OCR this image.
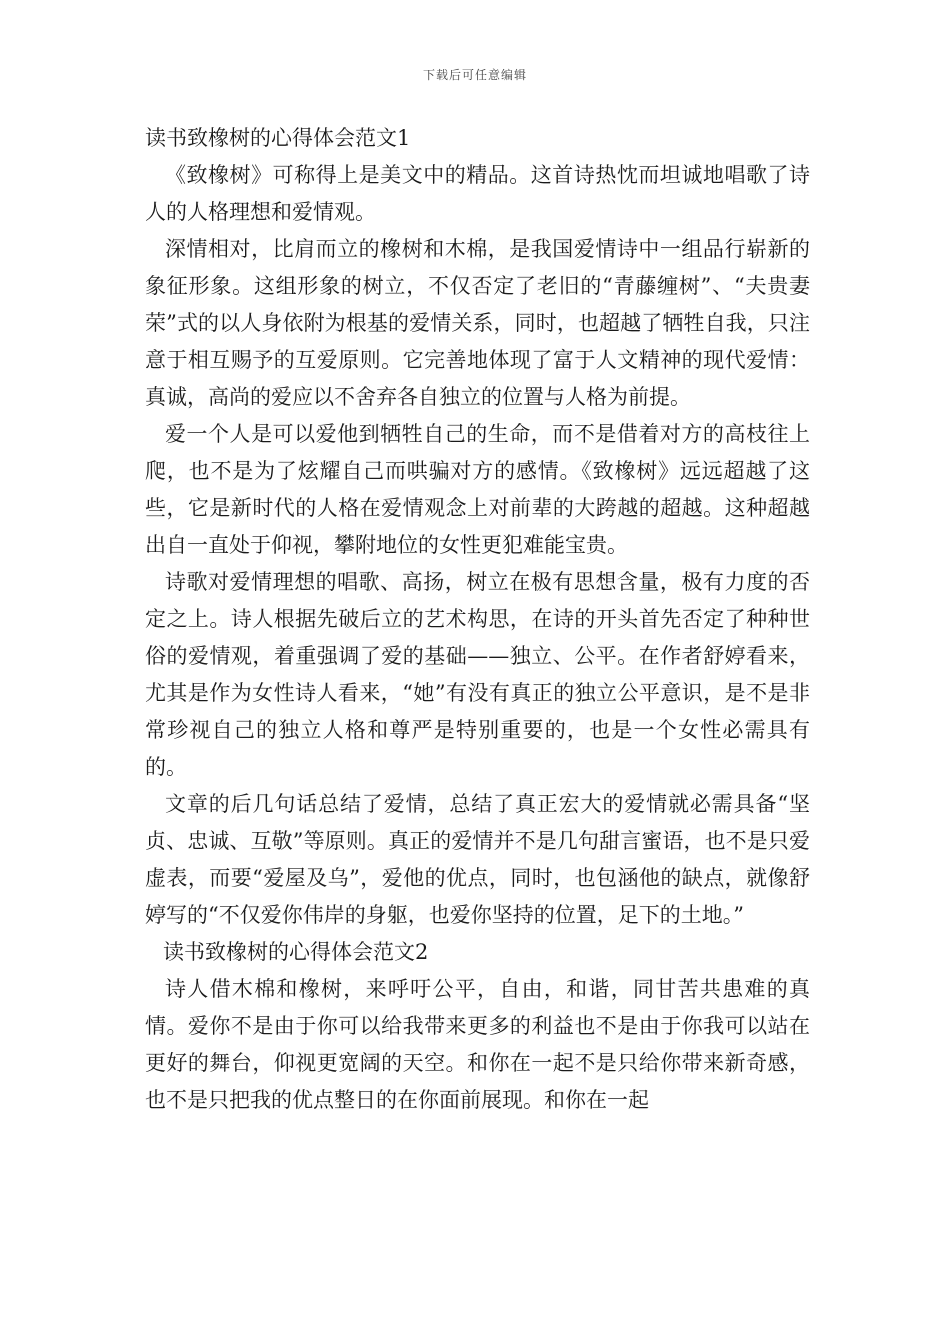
下载后可任意编辑

读书致橡树的心得体会范文1

《致橡树》可称得上是美文中的精品。这首诗热忱而坦诚地唱歌了诗人的人格理想和爱情观。

深情相对，比肩而立的橡树和木棉，是我国爱情诗中一组品行崭新的象征形象。这组形象的树立，不仅否定了老旧的“青藤缠树”、“夫贵妻荣”式的以人身依附为根基的爱情关系，同时，也超越了牺牲自我，只注意于相互赐予的互爱原则。它完善地体现了富于人文精神的现代爱情：真诚，高尚的爱应以不舍弃各自独立的位置与人格为前提。

爱一个人是可以爱他到牺牲自己的生命，而不是借着对方的高枝往上爬，也不是为了炫耀自己而哄骗对方的感情。《致橡树》远远超越了这些，它是新时代的人格在爱情观念上对前辈的大跨越的超越。这种超越出自一直处于仰视，攀附地位的女性更犯难能宝贵。

诗歌对爱情理想的唱歌、高扬，树立在极有思想含量，极有力度的否定之上。诗人根据先破后立的艺术构思，在诗的开头首先否定了种种世俗的爱情观，着重强调了爱的基础——独立、公平。在作者舒婷看来，尤其是作为女性诗人看来，“她”有没有真正的独立公平意识，是不是非常珍视自己的独立人格和尊严是特别重要的，也是一个女性必需具有的。

文章的后几句话总结了爱情，总结了真正宏大的爱情就必需具备“坚贞、忠诚、互敬”等原则。真正的爱情并不是几句甜言蜜语，也不是只爱虚表，而要“爱屋及乌”，爱他的优点，同时，也包涵他的缺点，就像舒婷写的“不仅爱你伟岸的身躯，也爱你坚持的位置，足下的土地。”

读书致橡树的心得体会范文2

诗人借木棉和橡树，来呼吁公平，自由，和谐，同甘苦共患难的真情。爱你不是由于你可以给我带来更多的利益也不是由于你我可以站在更好的舞台，仰视更宽阔的天空。和你在一起不是只给你带来新奇感，也不是只把我的优点整日的在你面前展现。和你在一起
